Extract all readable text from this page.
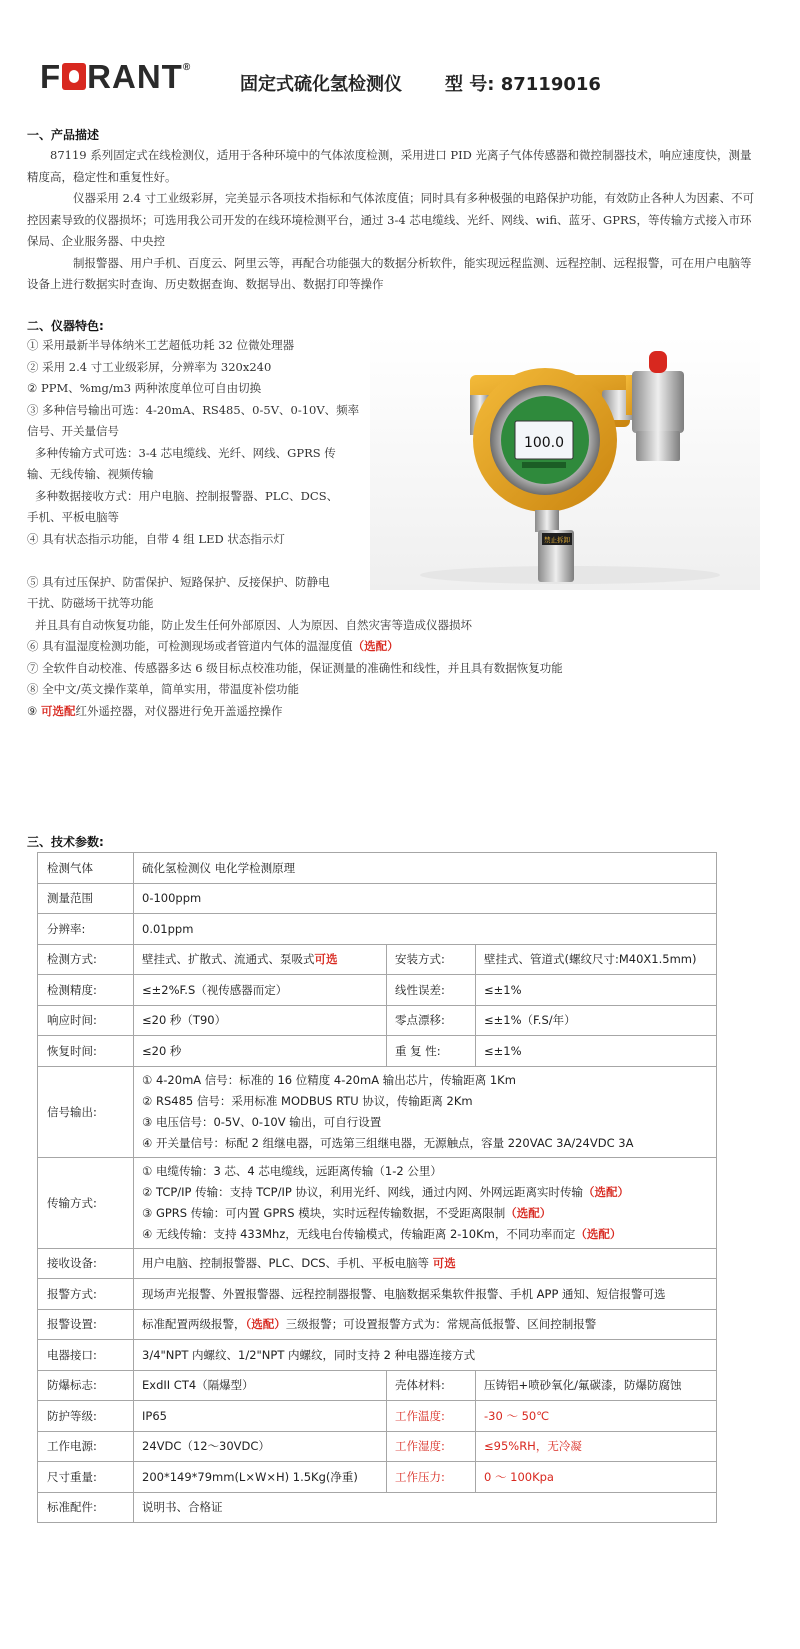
F RANT®
固定式硫化氢检测仪 型 号: 87119016
一、产品描述

87119 系列固定式在线检测仪，适用于各种环境中的气体浓度检测，采用进口 PID 光离子气体传感器和微控制器技术，响应速度快，测量精度高，稳定性和重复性好。

仪器采用 2.4 寸工业级彩屏，完美显示各项技术指标和气体浓度值；同时具有多种极强的电路保护功能，有效防止各种人为因素、不可控因素导致的仪器损坏；可选用我公司开发的在线环境检测平台，通过 3-4 芯电缆线、光纤、网线、wifi、蓝牙、GPRS，等传输方式接入市环保局、企业服务器、中央控

制报警器、用户手机、百度云、阿里云等，再配合功能强大的数据分析软件，能实现远程监测、远程控制、远程报警，可在用户电脑等设备上进行数据实时查询、历史数据查询、数据导出、数据打印等操作

二、仪器特色:
① 采用最新半导体纳米工艺超低功耗 32 位微处理器
② 采用 2.4 寸工业级彩屏，分辨率为 320x240
② PPM、%mg/m3 两种浓度单位可自由切换
③ 多种信号输出可选：4-20mA、RS485、0-5V、0-10V、频率
信号、开关量信号
多种传输方式可选：3-4 芯电缆线、光纤、网线、GPRS 传
输、无线传输、视频传输
多种数据接收方式：用户电脑、控制报警器、PLC、DCS、
手机、平板电脑等
④ 具有状态指示功能，自带 4 组 LED 状态指示灯
⑤ 具有过压保护、防雷保护、短路保护、反接保护、防静电
干扰、防磁场干扰等功能
并且具有自动恢复功能，防止发生任何外部原因、人为原因、自然灾害等造成仪器损坏
⑥ 具有温湿度检测功能，可检测现场或者管道内气体的温湿度值（选配）
⑦ 全软件自动校准、传感器多达 6 级目标点校准功能，保证测量的准确性和线性，并且具有数据恢复功能
⑧ 全中文/英文操作菜单，简单实用，带温度补偿功能
⑨ 可选配红外遥控器，对仪器进行免开盖遥控操作
100.0
禁止拆卸
三、技术参数:
检测气体	硫化氢检测仪 电化学检测原理		
测量范围	0-100ppm		
分辨率:	0.01ppm		
检测方式:	壁挂式、扩散式、流通式、泵吸式可选	安装方式:	壁挂式、管道式(螺纹尺寸:M40X1.5mm)
检测精度:	≤±2%F.S（视传感器而定）	线性误差:	≤±1%
响应时间:	≤20 秒（T90）	零点漂移:	≤±1%（F.S/年）
恢复时间:	≤20 秒	重 复 性:	≤±1%
信号输出:	① 4-20mA 信号：标准的 16 位精度 4-20mA 输出芯片，传输距离 1Km
② RS485 信号：采用标准 MODBUS RTU 协议，传输距离 2Km
③ 电压信号：0-5V、0-10V 输出，可自行设置
④ 开关量信号：标配 2 组继电器，可选第三组继电器，无源触点，容量 220VAC 3A/24VDC 3A		

传输方式:	① 电缆传输：3 芯、4 芯电缆线，远距离传输（1-2 公里）
② TCP/IP 传输：支持 TCP/IP 协议，利用光纤、网线，通过内网、外网远距离实时传输（选配）
③ GPRS 传输：可内置 GPRS 模块，实时远程传输数据，不受距离限制（选配）
④ 无线传输：支持 433Mhz，无线电台传输模式，传输距离 2-10Km，不同功率而定（选配）		

接收设备:	用户电脑、控制报警器、PLC、DCS、手机、平板电脑等 可选		
报警方式:	现场声光报警、外置报警器、远程控制器报警、电脑数据采集软件报警、手机 APP 通知、短信报警可选		
报警设置:	标准配置两级报警，（选配）三级报警；可设置报警方式为：常规高低报警、区间控制报警		
电器接口:	3/4"NPT 内螺纹、1/2"NPT 内螺纹，同时支持 2 种电器连接方式		
防爆标志:	ExdII CT4（隔爆型）	壳体材料:	压铸铝+喷砂氧化/氟碳漆，防爆防腐蚀
防护等级:	IP65	工作温度:	-30 ～ 50℃
工作电源:	24VDC（12～30VDC）	工作湿度:	≤95%RH，无冷凝
尺寸重量:	200*149*79mm(L×W×H) 1.5Kg(净重)	工作压力:	0 ～ 100Kpa
标准配件:	说明书、合格证		
